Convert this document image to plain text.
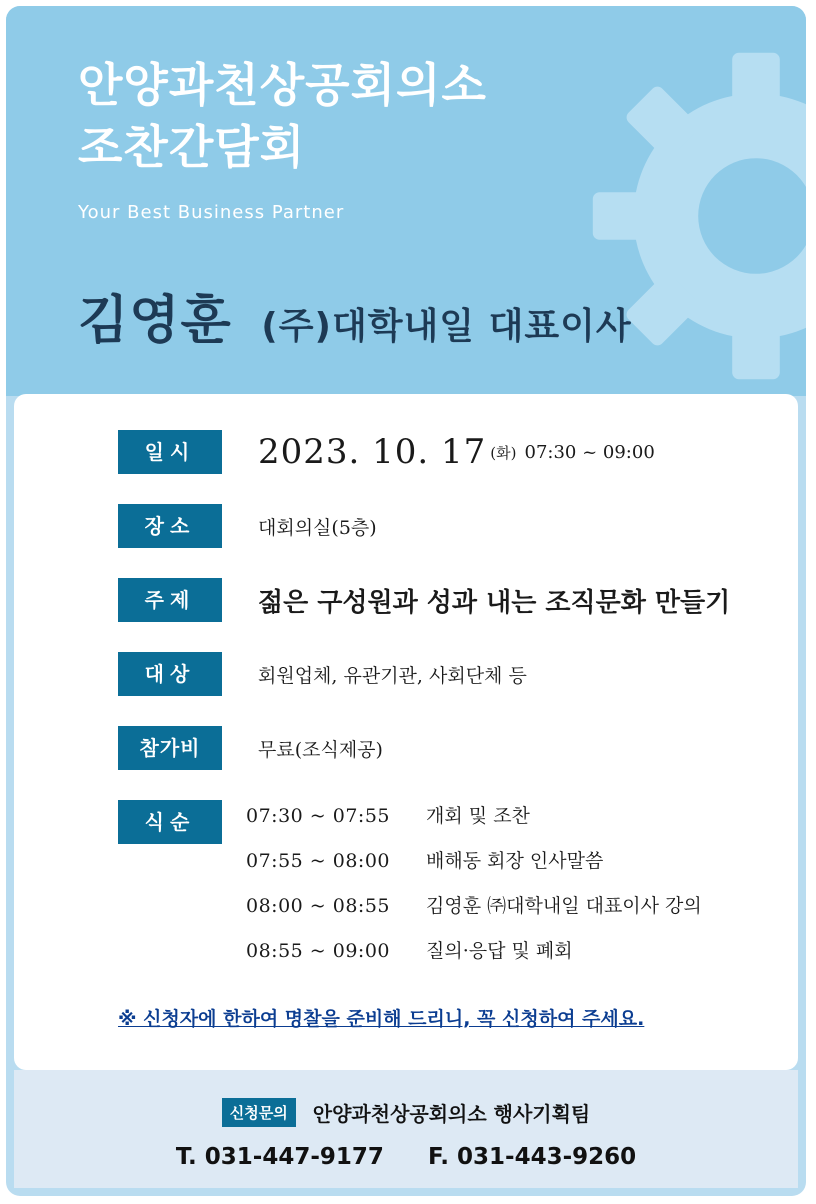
안양과천상공회의소
조찬간담회
Your Best Business Partner
김영훈 (주)대학내일 대표이사
일시 2023. 10. 17 (화) 07:30 ~ 09:00
장소	대회의실(5층)
주제 젊은 구성원과 성과 내는 조직문화 만들기
대상	회원업체, 유관기관, 사회단체 등
참가비	무료(조식제공)
식순	07:30 ~ 07:55 개회 및 조찬
07:55 ~ 08:00 배해동 회장 인사말씀
08:00 ~ 08:55 김영훈 ㈜대학내일 대표이사 강의
08:55 ~ 09:00 질의·응답 및 폐회
※ 신청자에 한하여 명찰을 준비해 드리니, 꼭 신청하여 주세요.
신청문의 안양과천상공회의소 행사기획팀
T. 031-447-9177 F. 031-443-9260
